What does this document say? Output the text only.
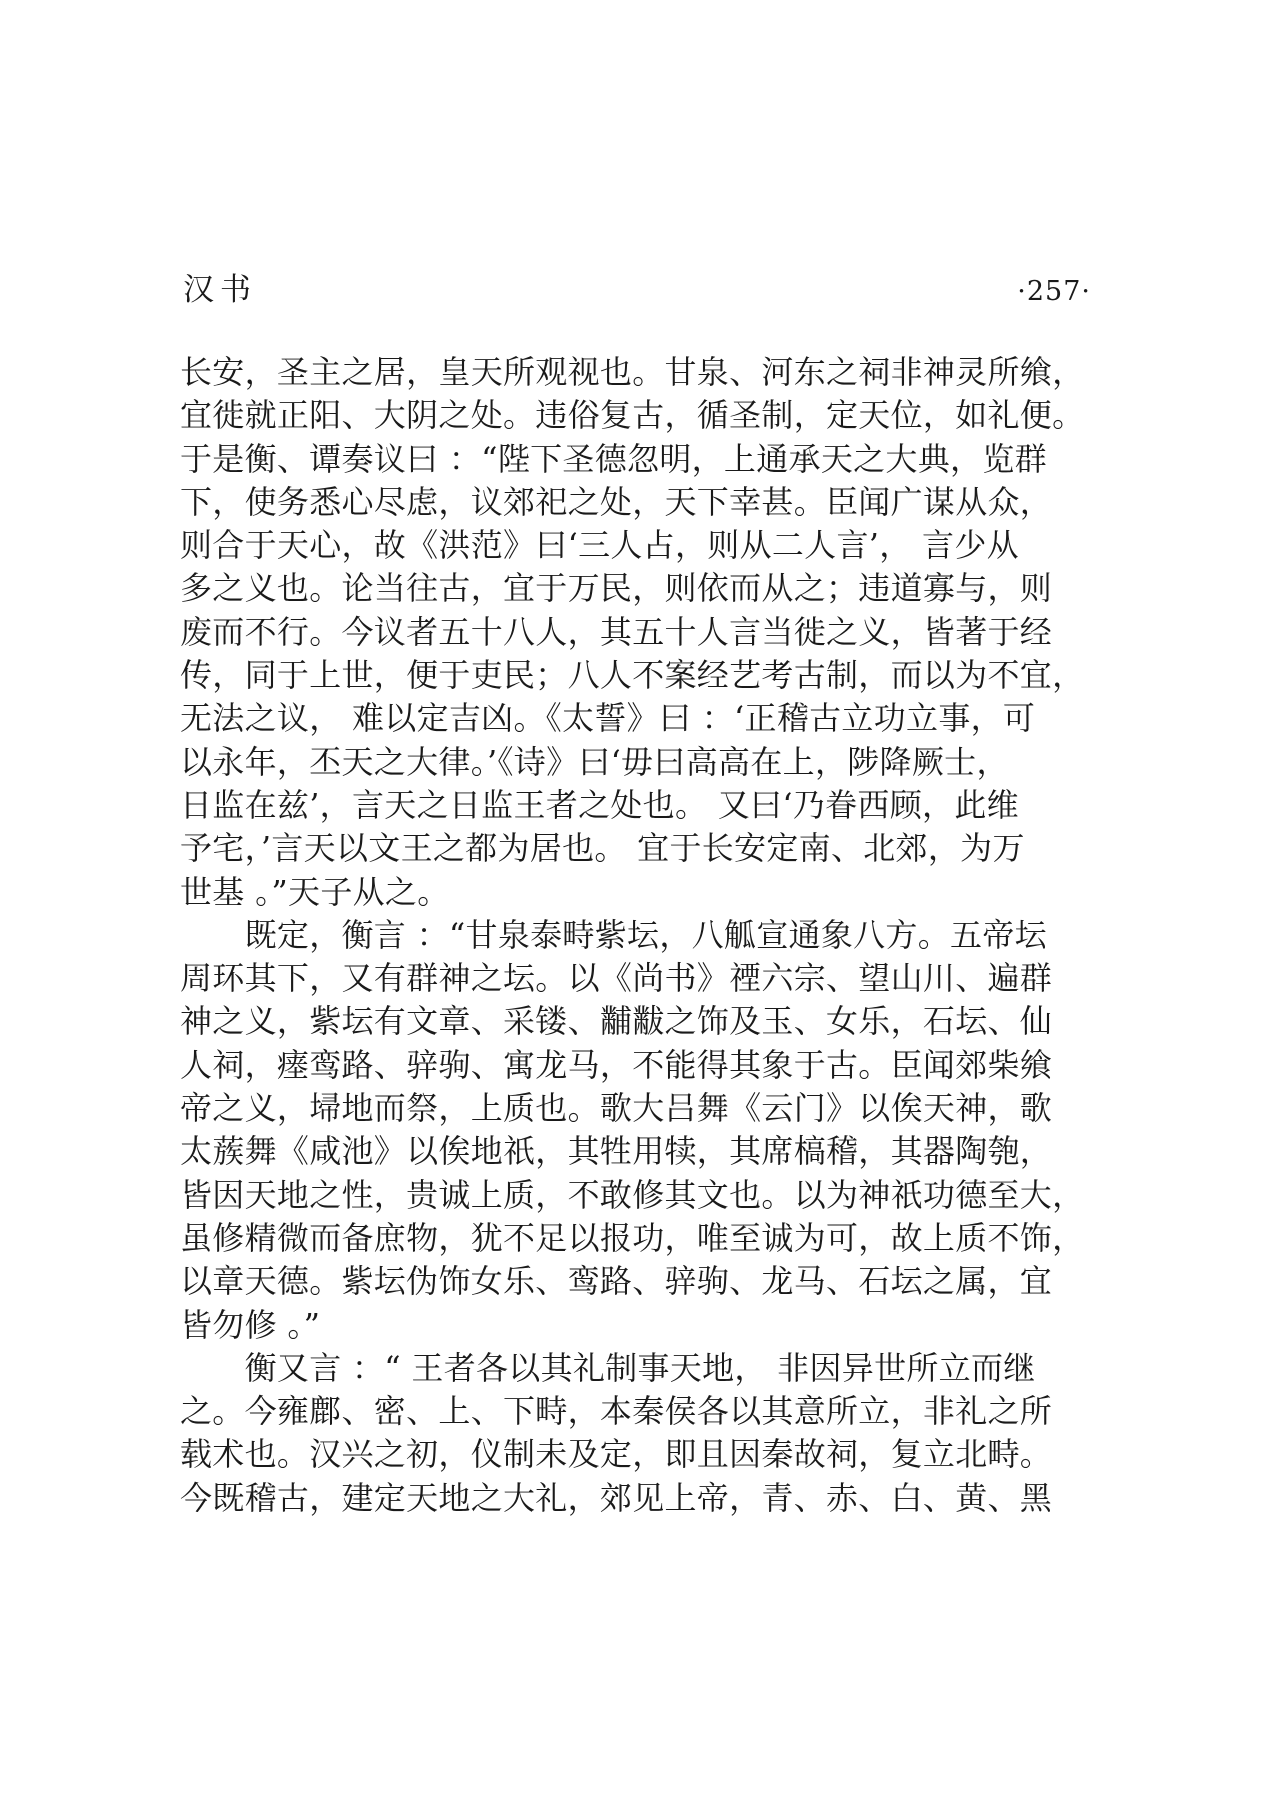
汉书	·257·
长安，圣主之居，皇天所观视也。甘泉、河东之祠非神灵所飨，
宜徙就正阳、大阴之处。违俗复古，循圣制，定天位，如礼便。
于是衡、谭奏议曰 ：“陛下圣德忽明，上通承天之大典，览群
下，使务悉心尽虑，议郊祀之处，天下幸甚。臣闻广谋从众，
则合于天心，故《洪范》曰‘三人占，则从二人言’， 言少从
多之义也。论当往古，宜于万民，则依而从之；违道寡与，则
废而不行。今议者五十八人，其五十人言当徙之义，皆著于经
传，同于上世，便于吏民；八人不案经艺考古制，而以为不宜，
无法之议， 难以定吉凶。《太誓》曰 ：‘正稽古立功立事，可
以永年，丕天之大律。’《诗》曰‘毋曰高高在上，陟降厥士，
日监在兹’，言天之日监王者之处也。 又曰‘乃眷西顾，此维
予宅，’言天以文王之都为居也。 宜于长安定南、北郊，为万
世基 。”天子从之。
　　既定，衡言 ：“甘泉泰畤紫坛，八觚宣通象八方。五帝坛
周环其下，又有群神之坛。以《尚书》禋六宗、望山川、遍群
神之义，紫坛有文章、采镂、黼黻之饰及玉、女乐，石坛、仙
人祠，瘗鸾路、骍驹、寓龙马，不能得其象于古。臣闻郊柴飨
帝之义，埽地而祭，上质也。歌大吕舞《云门》以俟天神，歌
太蔟舞《咸池》以俟地祇，其牲用犊，其席槁稽，其器陶匏，
皆因天地之性，贵诚上质，不敢修其文也。以为神祇功德至大，
虽修精微而备庶物，犹不足以报功，唯至诚为可，故上质不饰，
以章天德。紫坛伪饰女乐、鸾路、骍驹、龙马、石坛之属，宜
皆勿修 。”
　　衡又言 ：“ 王者各以其礼制事天地， 非因异世所立而继
之。今雍鄜、密、上、下畤，本秦侯各以其意所立，非礼之所
载术也。汉兴之初，仪制未及定，即且因秦故祠，复立北畤。
今既稽古，建定天地之大礼，郊见上帝，青、赤、白、黄、黑
